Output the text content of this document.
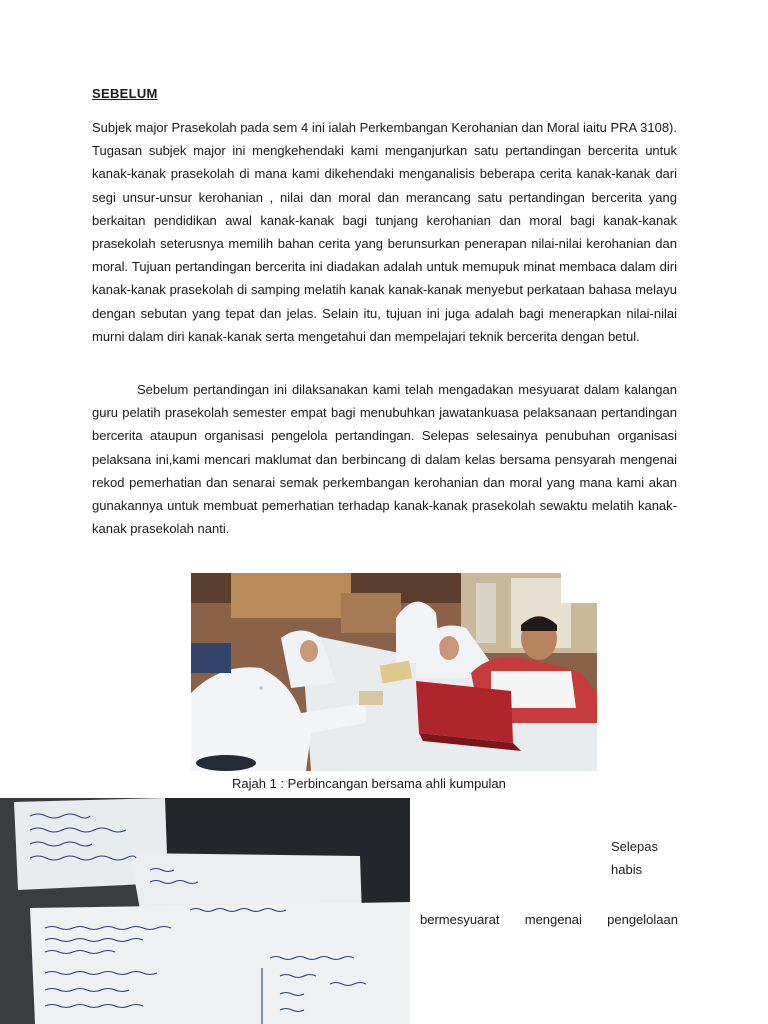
SEBELUM

Subjek major Prasekolah pada sem 4 ini ialah Perkembangan Kerohanian dan Moral iaitu PRA 3108). Tugasan subjek major ini mengkehendaki kami menganjurkan satu pertandingan bercerita untuk kanak-kanak prasekolah di mana kami dikehendaki menganalisis beberapa cerita kanak-kanak dari segi unsur-unsur kerohanian , nilai dan moral dan merancang satu pertandingan bercerita yang berkaitan pendidikan awal kanak-kanak bagi tunjang kerohanian dan moral bagi kanak-kanak prasekolah seterusnya memilih bahan cerita yang berunsurkan penerapan nilai-nilai kerohanian dan moral. Tujuan pertandingan bercerita ini diadakan adalah untuk memupuk minat membaca dalam diri kanak-kanak prasekolah di samping melatih kanak kanak-kanak menyebut perkataan bahasa melayu dengan sebutan yang tepat dan jelas. Selain itu, tujuan ini juga adalah bagi menerapkan nilai-nilai murni dalam diri kanak-kanak serta mengetahui dan mempelajari teknik bercerita dengan betul.

Sebelum pertandingan ini dilaksanakan kami telah mengadakan mesyuarat dalam kalangan guru pelatih prasekolah semester empat bagi menubuhkan jawatankuasa pelaksanaan pertandingan bercerita ataupun organisasi pengelola pertandingan. Selepas selesainya penubuhan organisasi pelaksana ini,kami mencari maklumat dan berbincang di dalam kelas bersama pensyarah mengenai rekod pemerhatian dan senarai semak perkembangan kerohanian dan moral yang mana kami akan gunakannya untuk membuat pemerhatian terhadap kanak-kanak prasekolah sewaktu melatih kanak-kanak prasekolah nanti.

Rajah 1 : Perbincangan bersama ahli kumpulan
Selepas
habis
bermesyuarat mengenai pengelolaan
